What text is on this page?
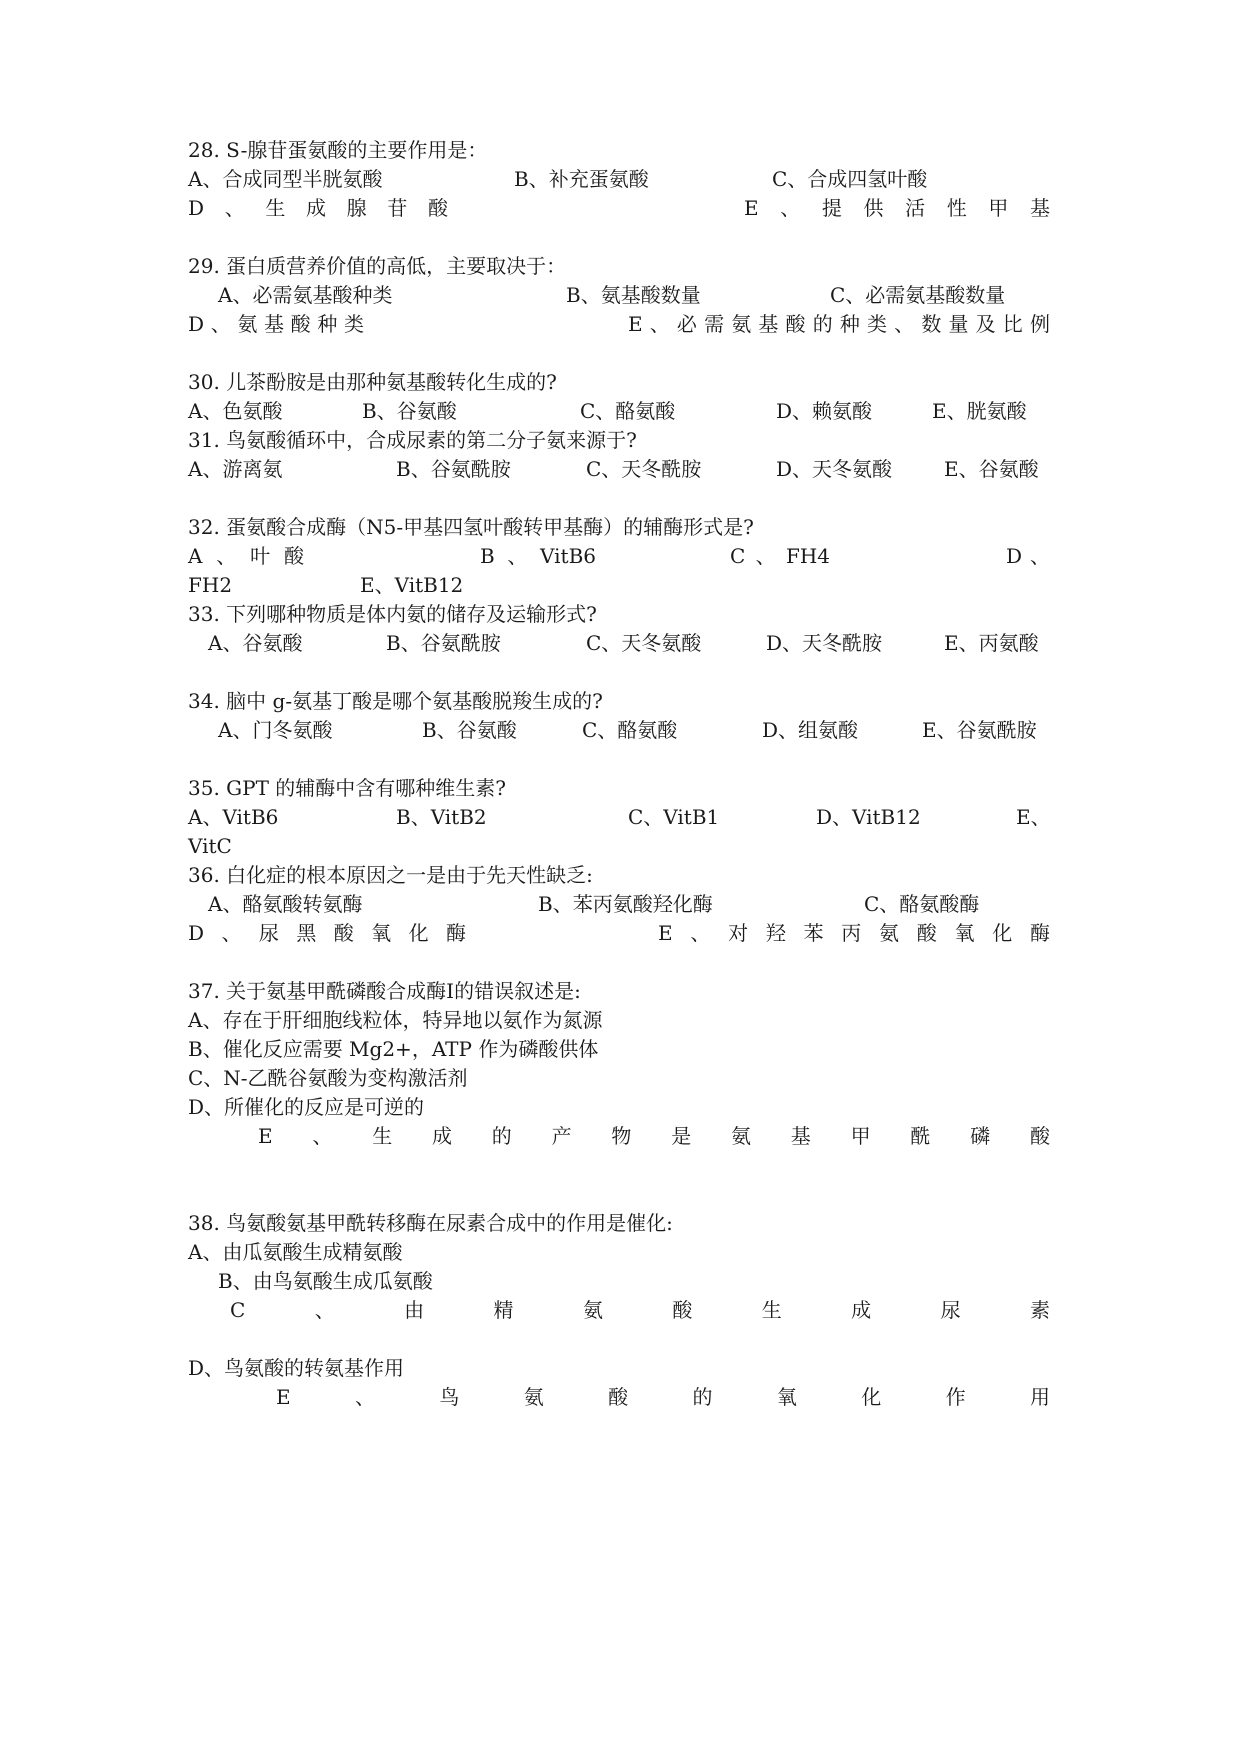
28. S-腺苷蛋氨酸的主要作用是：
A、合成同型半胱氨酸	B、补充蛋氨酸	C、合成四氢叶酸
D 、 生 成 腺 苷 酸	E 、 提 供 活 性 甲 基
29. 蛋白质营养价值的高低，主要取决于：
A、必需氨基酸种类	B、氨基酸数量	C、必需氨基酸数量
D 、 氨 基 酸 种 类	E 、 必 需 氨 基 酸 的 种 类 、 数 量 及 比 例
30. 儿茶酚胺是由那种氨基酸转化生成的?
A、色氨酸	B、谷氨酸	C、酪氨酸	D、赖氨酸	E、胱氨酸
31. 鸟氨酸循环中，合成尿素的第二分子氨来源于?
A、游离氨	B、谷氨酰胺	C、天冬酰胺	D、天冬氨酸	E、谷氨酸
32. 蛋氨酸合成酶（N5-甲基四氢叶酸转甲基酶）的辅酶形式是?
A 、 叶 酸	B 、 VitB6	C 、 FH4	D 、
FH2	E、VitB12
33. 下列哪种物质是体内氨的储存及运输形式?
A、谷氨酸	B、谷氨酰胺	C、天冬氨酸	D、天冬酰胺	E、丙氨酸
34. 脑中 g-氨基丁酸是哪个氨基酸脱羧生成的?
A、门冬氨酸	B、谷氨酸	C、酪氨酸	D、组氨酸	E、谷氨酰胺
35. GPT 的辅酶中含有哪种维生素?
A、VitB6	B、VitB2	C、VitB1	D、VitB12	E、
VitC
36. 白化症的根本原因之一是由于先天性缺乏:
A、酪氨酸转氨酶	B、苯丙氨酸羟化酶	C、酪氨酸酶
D 、 尿 黑 酸 氧 化 酶	E 、 对 羟 苯 丙 氨 酸 氧 化 酶
37. 关于氨基甲酰磷酸合成酶Ⅰ的错误叙述是:
A、存在于肝细胞线粒体，特异地以氨作为氮源
B、催化反应需要 Mg2+，ATP 作为磷酸供体
C、N-乙酰谷氨酸为变构激活剂
D、所催化的反应是可逆的
E 、 生 成 的 产 物 是 氨 基 甲 酰 磷 酸
38. 鸟氨酸氨基甲酰转移酶在尿素合成中的作用是催化:
A、由瓜氨酸生成精氨酸
B、由鸟氨酸生成瓜氨酸
C	、	由	精	氨	酸	生	成	尿	素
D、鸟氨酸的转氨基作用
E	、	鸟	氨	酸	的	氧	化	作	用
